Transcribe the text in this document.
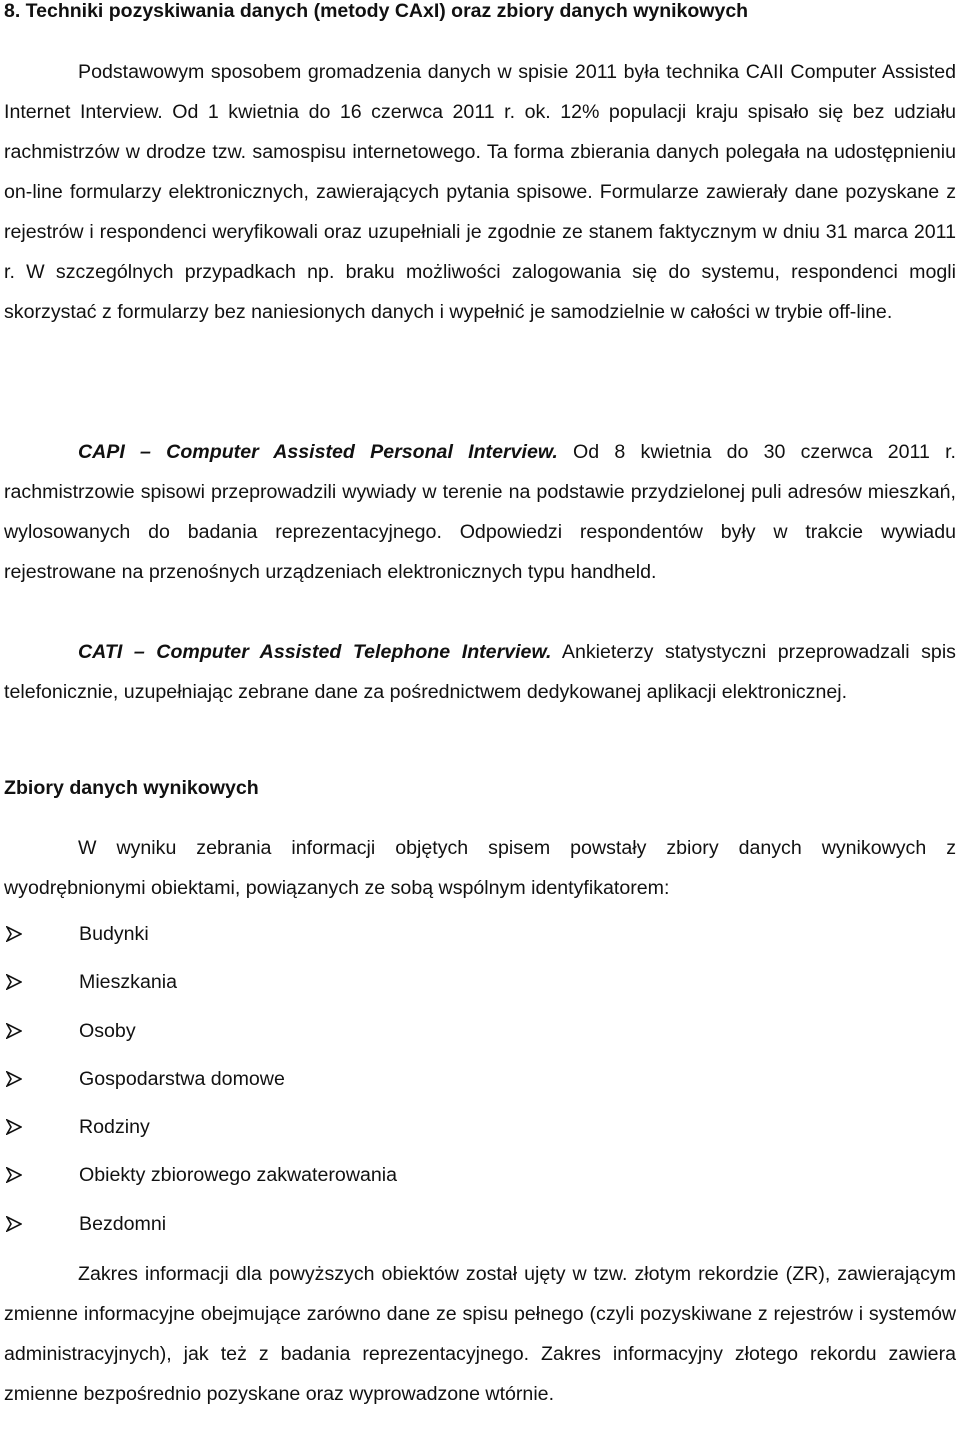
8. Techniki pozyskiwania danych (metody CAxI) oraz zbiory danych wynikowych

Podstawowym sposobem gromadzenia danych w spisie 2011 była technika CAII Computer Assisted Internet Interview. Od 1 kwietnia do 16 czerwca 2011 r. ok. 12% populacji kraju spisało się bez udziału rachmistrzów w drodze tzw. samospisu internetowego. Ta forma zbierania danych polegała na udostępnieniu on-line formularzy elektronicznych, zawierających pytania spisowe. Formularze zawierały dane pozyskane z rejestrów i respondenci weryfikowali oraz uzupełniali je zgodnie ze stanem faktycznym w dniu 31 marca 2011 r. W szczególnych przypadkach np. braku możliwości zalogowania się do systemu, respondenci mogli skorzystać z formularzy bez naniesionych danych i wypełnić je samodzielnie w całości w trybie off-line.

CAPI – Computer Assisted Personal Interview. Od 8 kwietnia do 30 czerwca 2011 r. rachmistrzowie spisowi przeprowadzili wywiady w terenie na podstawie przydzielonej puli adresów mieszkań, wylosowanych do badania reprezentacyjnego. Odpowiedzi respondentów były w trakcie wywiadu rejestrowane na przenośnych urządzeniach elektronicznych typu handheld.

CATI – Computer Assisted Telephone Interview. Ankieterzy statystyczni przeprowadzali spis telefonicznie, uzupełniając zebrane dane za pośrednictwem dedykowanej aplikacji elektronicznej.

Zbiory danych wynikowych

W wyniku zebrania informacji objętych spisem powstały zbiory danych wynikowych z wyodrębnionymi obiektami, powiązanych ze sobą wspólnym identyfikatorem:

Budynki
Mieszkania
Osoby
Gospodarstwa domowe
Rodziny
Obiekty zbiorowego zakwaterowania
Bezdomni

Zakres informacji dla powyższych obiektów został ujęty w tzw. złotym rekordzie (ZR), zawierającym zmienne informacyjne obejmujące zarówno dane ze spisu pełnego (czyli pozyskiwane z rejestrów i systemów administracyjnych), jak też z badania reprezentacyjnego. Zakres informacyjny złotego rekordu zawiera zmienne bezpośrednio pozyskane oraz wyprowadzone wtórnie.
